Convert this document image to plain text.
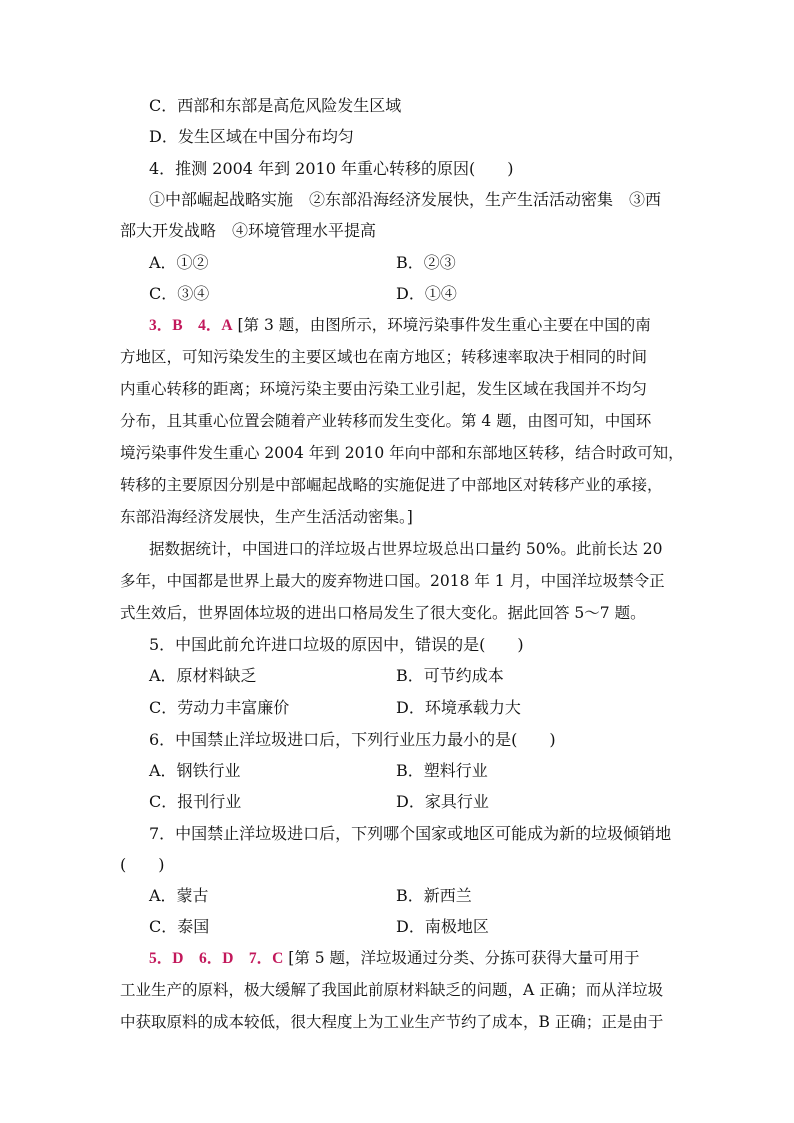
C．西部和东部是高危风险发生区域
D．发生区域在中国分布均匀
4．推测 2004 年到 2010 年重心转移的原因(　　)
①中部崛起战略实施　②东部沿海经济发展快，生产生活活动密集　③西
部大开发战略　④环境管理水平提高
A．①②	B．②③
C．③④	D．①④
3．B　4．A [第 3 题，由图所示，环境污染事件发生重心主要在中国的南
方地区，可知污染发生的主要区域也在南方地区；转移速率取决于相同的时间
内重心转移的距离；环境污染主要由污染工业引起，发生区域在我国并不均匀
分布，且其重心位置会随着产业转移而发生变化。第 4 题，由图可知，中国环
境污染事件发生重心 2004 年到 2010 年向中部和东部地区转移，结合时政可知，
转移的主要原因分别是中部崛起战略的实施促进了中部地区对转移产业的承接，
东部沿海经济发展快，生产生活活动密集。]
据数据统计，中国进口的洋垃圾占世界垃圾总出口量约 50%。此前长达 20
多年，中国都是世界上最大的废弃物进口国。2018 年 1 月，中国洋垃圾禁令正
式生效后，世界固体垃圾的进出口格局发生了很大变化。据此回答 5～7 题。
5．中国此前允许进口垃圾的原因中，错误的是(　　)
A．原材料缺乏	B．可节约成本
C．劳动力丰富廉价	D．环境承载力大
6．中国禁止洋垃圾进口后，下列行业压力最小的是(　　)
A．钢铁行业	B．塑料行业
C．报刊行业	D．家具行业
7．中国禁止洋垃圾进口后，下列哪个国家或地区可能成为新的垃圾倾销地
(　　)
A．蒙古	B．新西兰
C．泰国	D．南极地区
5．D　6．D　7．C [第 5 题，洋垃圾通过分类、分拣可获得大量可用于
工业生产的原料，极大缓解了我国此前原材料缺乏的问题，A 正确；而从洋垃圾
中获取原料的成本较低，很大程度上为工业生产节约了成本，B 正确；正是由于
